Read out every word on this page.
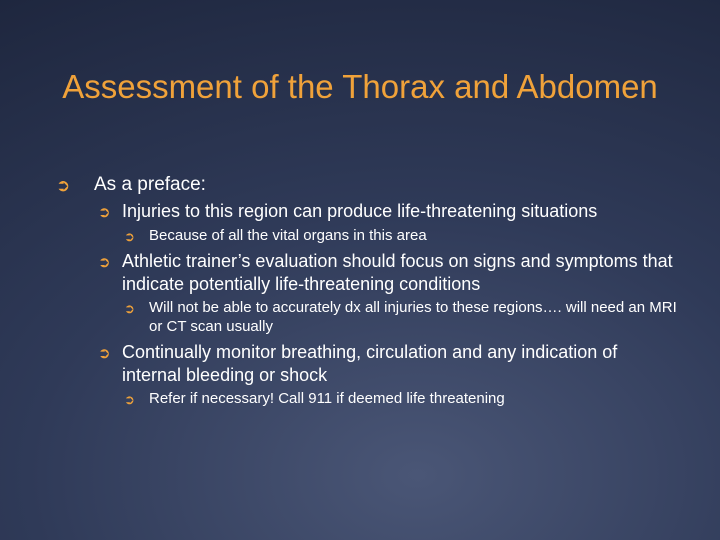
Assessment of the Thorax and Abdomen
➲ As a preface:
➲ Injuries to this region can produce life-threatening situations
➲ Because of all the vital organs in this area
➲ Athletic trainer’s evaluation should focus on signs and symptoms that indicate potentially life-threatening conditions
➲ Will not be able to accurately dx all injuries to these regions…. will need an MRI or CT scan usually
➲ Continually monitor breathing, circulation and any indication of internal bleeding or shock
➲ Refer if necessary! Call 911 if deemed life threatening
